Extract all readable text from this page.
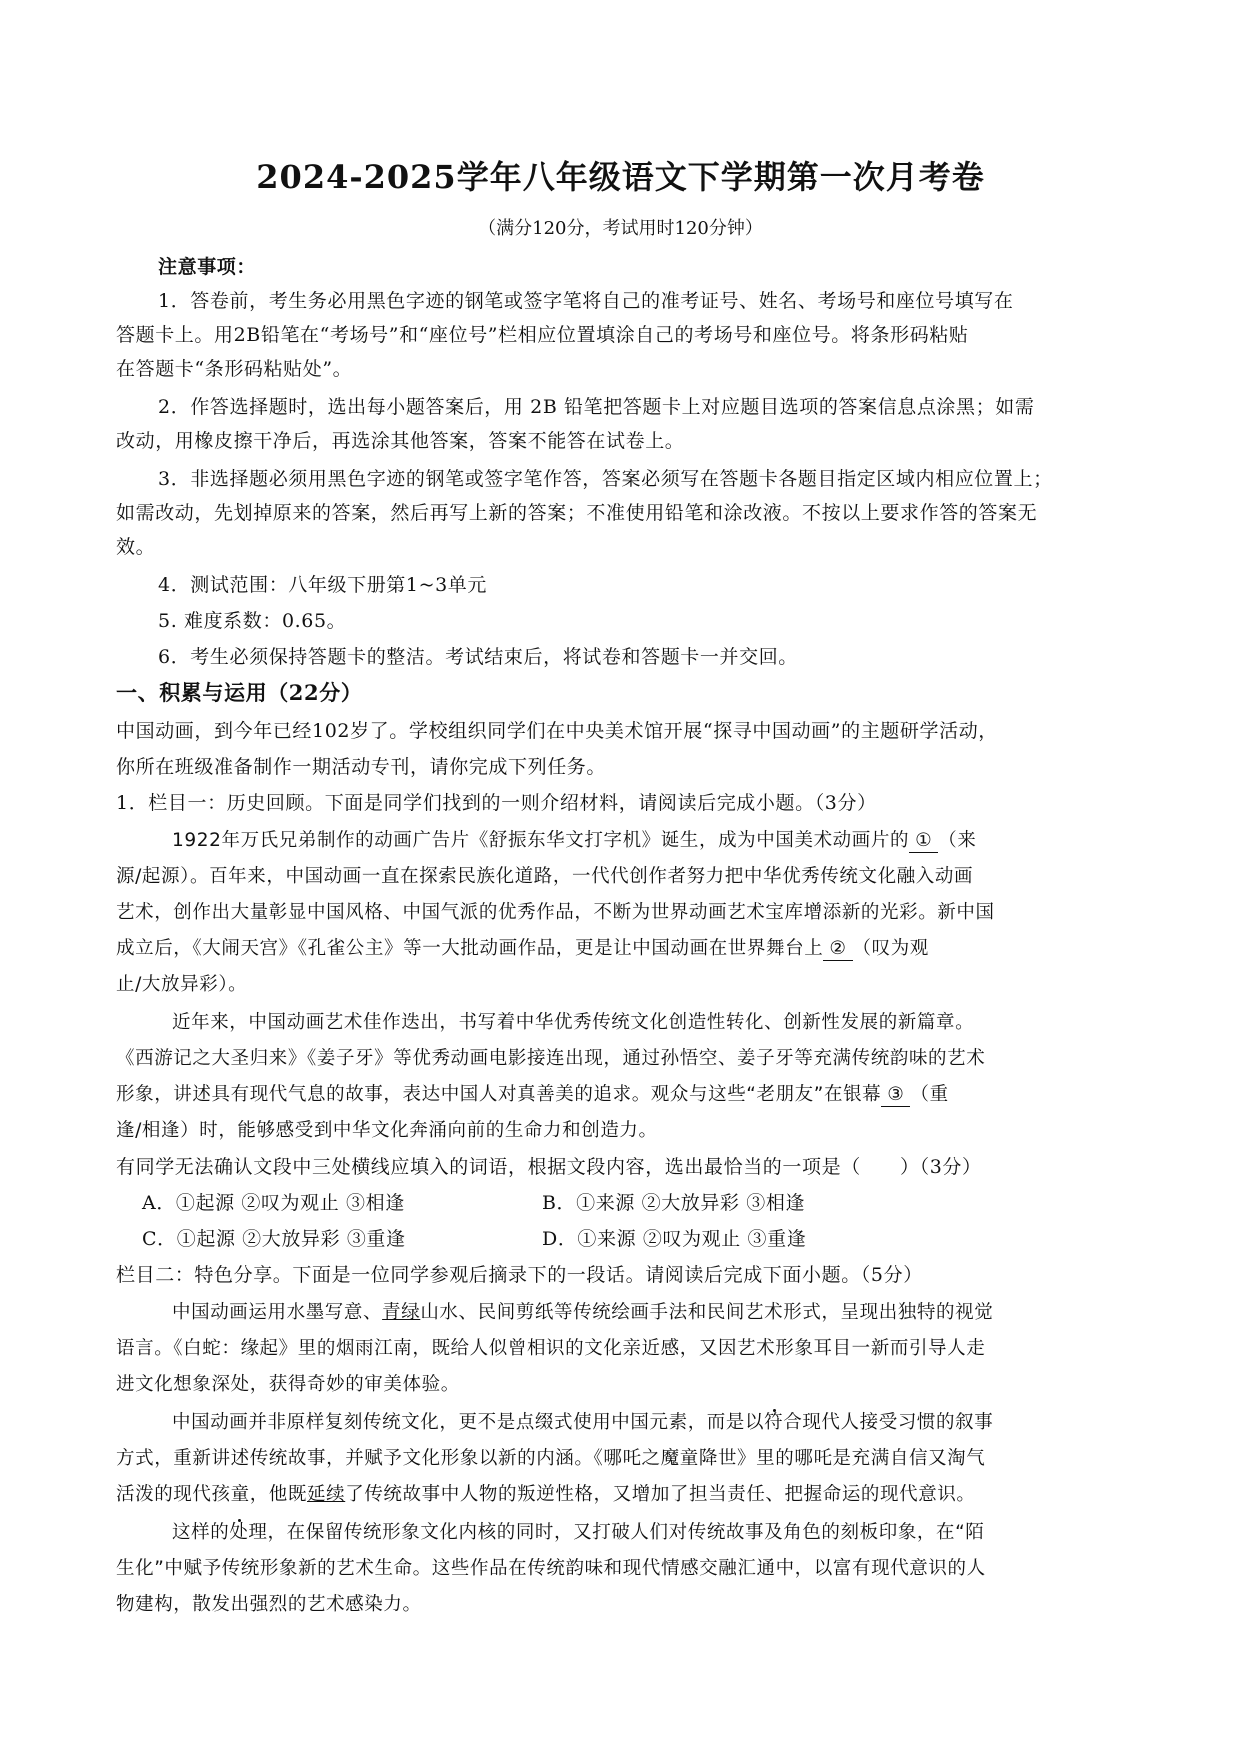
2024-2025学年八年级语文下学期第一次月考卷
（满分120分，考试用时120分钟）
注意事项：
1．答卷前，考生务必用黑色字迹的钢笔或签字笔将自己的准考证号、姓名、考场号和座位号填写在
答题卡上。用2B铅笔在“考场号”和“座位号”栏相应位置填涂自己的考场号和座位号。将条形码粘贴
在答题卡“条形码粘贴处”。
2．作答选择题时，选出每小题答案后，用 2B 铅笔把答题卡上对应题目选项的答案信息点涂黑；如需
改动，用橡皮擦干净后，再选涂其他答案，答案不能答在试卷上。
3．非选择题必须用黑色字迹的钢笔或签字笔作答，答案必须写在答题卡各题目指定区域内相应位置上；
如需改动，先划掉原来的答案，然后再写上新的答案；不准使用铅笔和涂改液。不按以上要求作答的答案无
效。
4．测试范围：八年级下册第1~3单元
5. 难度系数：0.65。
6．考生必须保持答题卡的整洁。考试结束后，将试卷和答题卡一并交回。
一、积累与运用（22分）
中国动画，到今年已经102岁了。学校组织同学们在中央美术馆开展“探寻中国动画”的主题研学活动，
你所在班级准备制作一期活动专刊，请你完成下列任务。
1．栏目一：历史回顾。下面是同学们找到的一则介绍材料，请阅读后完成小题。（3分）
1922年万氏兄弟制作的动画广告片《舒振东华文打字机》诞生，成为中国美术动画片的 ① （来
源/起源）。百年来，中国动画一直在探索民族化道路，一代代创作者努力把中华优秀传统文化融入动画
艺术，创作出大量彰显中国风格、中国气派的优秀作品，不断为世界动画艺术宝库增添新的光彩。新中国
成立后，《大闹天宫》《孔雀公主》等一大批动画作品，更是让中国动画在世界舞台上 ② （叹为观
止/大放异彩）。
近年来，中国动画艺术佳作迭出，书写着中华优秀传统文化创造性转化、创新性发展的新篇章。
《西游记之大圣归来》《姜子牙》等优秀动画电影接连出现，通过孙悟空、姜子牙等充满传统韵味的艺术
形象，讲述具有现代气息的故事，表达中国人对真善美的追求。观众与这些“老朋友”在银幕 ③ （重
逢/相逢）时，能够感受到中华文化奔涌向前的生命力和创造力。
有同学无法确认文段中三处横线应填入的词语，根据文段内容，选出最恰当的一项是（　　）（3分）
A．①起源 ②叹为观止 ③相逢	B．①来源 ②大放异彩 ③相逢
C．①起源 ②大放异彩 ③重逢	D．①来源 ②叹为观止 ③重逢
栏目二：特色分享。下面是一位同学参观后摘录下的一段话。请阅读后完成下面小题。（5分）
中国动画运用水墨写意、青绿山水、民间剪纸等传统绘画手法和民间艺术形式，呈现出独特的视觉
语言。《白蛇：缘起》里的烟雨江南，既给人似曾相识的文化亲近感，又因艺术形象耳目一新而引导人走
进文化想象深处，获得奇妙的审美体验。
中国动画并非原样复刻传统文化，更不是点缀式使用中国元素，而是以符合现代人接受习惯的叙事
方式，重新讲述传统故事，并赋予文化形象以新的内涵。《哪吒之魔童降世》里的哪吒是充满自信又淘气
活泼的现代孩童，他既延续了传统故事中人物的叛逆性格，又增加了担当责任、把握命运的现代意识。
这样的处理，在保留传统形象文化内核的同时，又打破人们对传统故事及角色的刻板印象，在“陌
生化”中赋予传统形象新的艺术生命。这些作品在传统韵味和现代情感交融汇通中，以富有现代意识的人
物建构，散发出强烈的艺术感染力。
